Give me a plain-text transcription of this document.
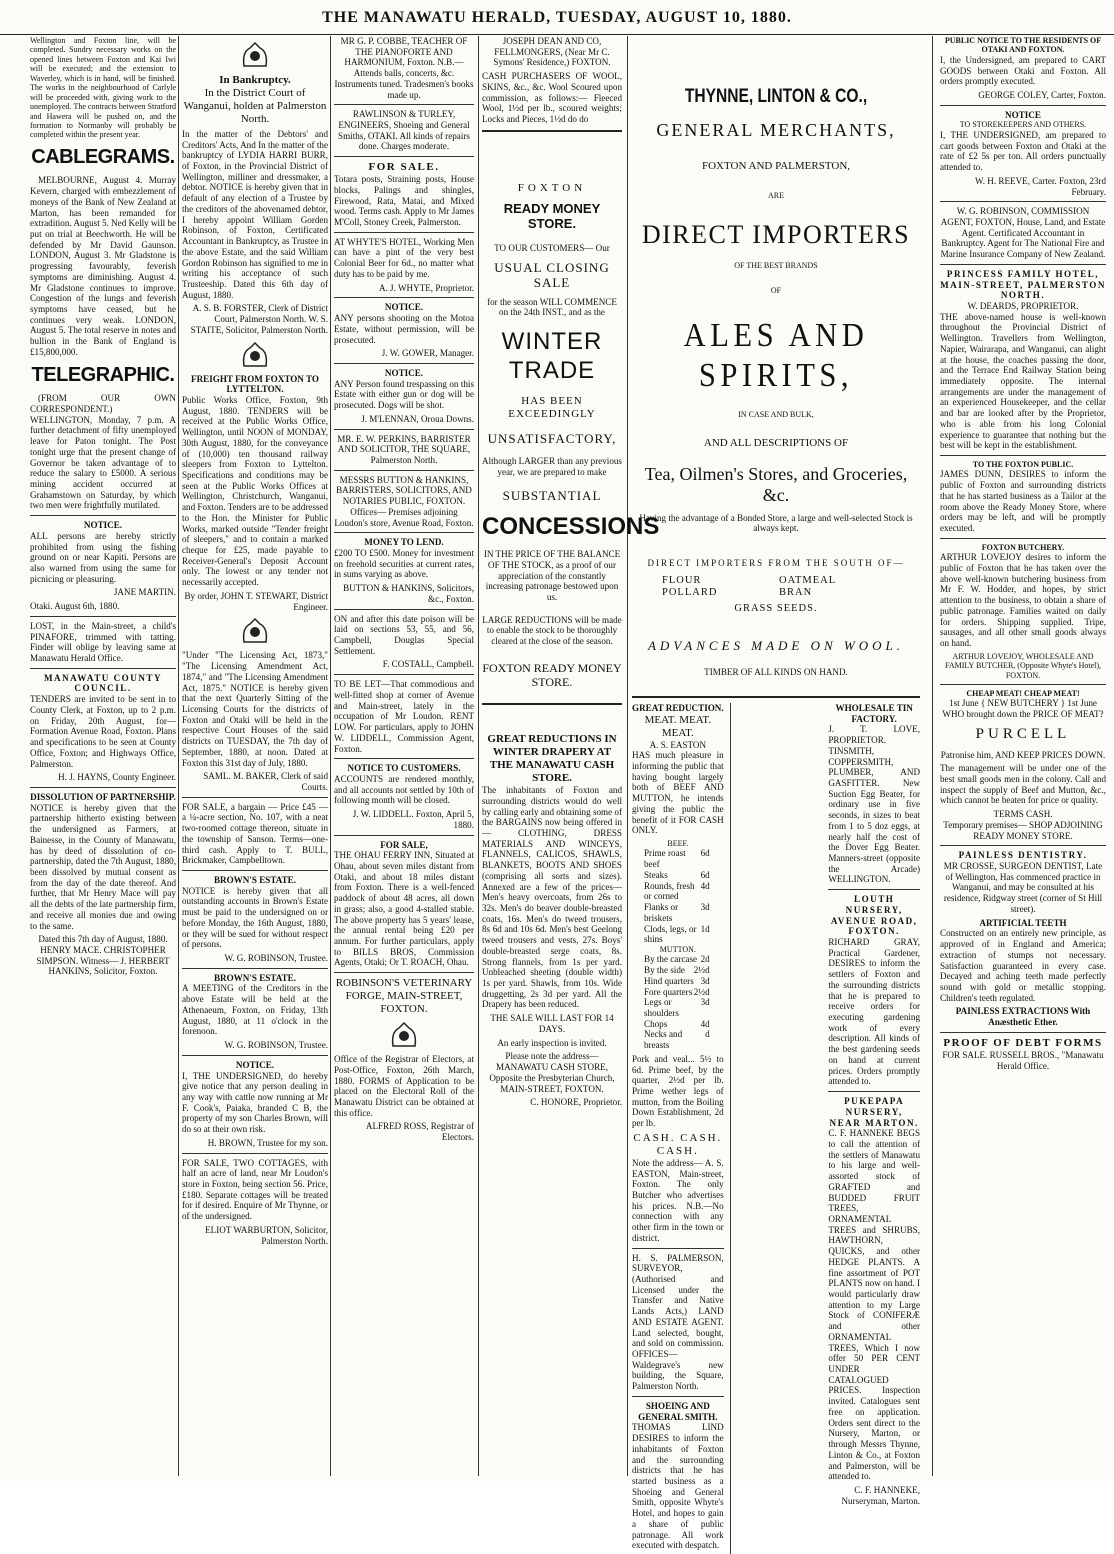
THE MANAWATU HERALD, TUESDAY, AUGUST 10, 1880.

Wellington and Foxton line, will be completed. Sundry necessary works on the opened lines between Foxton and Kai Iwi will be executed; and the extension to Waverley, which is in hand, will be finished. The works in the neighbourhood of Carlyle will be proceeded with, giving work to the unemployed. The contracts between Stratford and Hawera will be pushed on, and the formation to Normanby will probably be completed within the present year.

CABLEGRAMS.

MELBOURNE, August 4. Murray Kevern, charged with embezzlement of moneys of the Bank of New Zealand at Marton, has been remanded for extradition. August 5. Ned Kelly will be put on trial at Beechworth. He will be defended by Mr David Gaunson. LONDON, August 3. Mr Gladstone is progressing favourably, feverish symptoms are diminishing. August 4. Mr Gladstone continues to improve. Congestion of the lungs and feverish symptoms have ceased, but he continues very weak. LONDON, August 5. The total reserve in notes and bullion in the Bank of England is £15,800,000.

TELEGRAPHIC.

(FROM OUR OWN CORRESPONDENT.) WELLINGTON, Monday, 7 p.m. A further detachment of fifty unemployed leave for Paton tonight. The Post tonight urge that the present change of Governor be taken advantage of to reduce the salary to £5000. A serious mining accident occurred at Grahamstown on Saturday, by which two men were frightfully mutilated.

NOTICE.

ALL persons are hereby strictly prohibited from using the fishing ground on or near Kapiti. Persons are also warned from using the same for picnicing or pleasuring.

JANE MARTIN.

Otaki. August 6th, 1880.

LOST, in the Main-street, a child's PINAFORE, trimmed with tatting. Finder will oblige by leaving same at Manawatu Herald Office.

MANAWATU COUNTY COUNCIL.

TENDERS are invited to be sent in to County Clerk, at Foxton, up to 2 p.m. on Friday, 20th August, for— Formation Avenue Road, Foxton. Plans and specifications to be seen at County Office, Foxton; and Highways Office, Palmerston.

H. J. HAYNS, County Engineer.

DISSOLUTION OF PARTNERSHIP.

NOTICE is hereby given that the partnership hitherto existing between the undersigned as Farmers, at Bainesse, in the County of Manawatu, has by deed of dissolution of co-partnership, dated the 7th August, 1880, been dissolved by mutual consent as from the day of the date thereof. And further, that Mr Henry Mace will pay all the debts of the late partnership firm, and receive all monies due and owing to the same.

Dated this 7th day of August, 1880. HENRY MACE. CHRISTOPHER SIMPSON. Witness— J. HERBERT HANKINS, Solicitor, Foxton.

In Bankruptcy.

In the District Court of Wanganui, holden at Palmerston North.

In the matter of the Debtors' and Creditors' Acts, And In the matter of the bankruptcy of LYDIA HARRI BURR, of Foxton, in the Provincial District of Wellington, milliner and dressmaker, a debtor. NOTICE is hereby given that in default of any election of a Trustee by the creditors of the abovenamed debtor, I hereby appoint William Gorden Robinson, of Foxton, Certificated Accountant in Bankruptcy, as Trustee in the above Estate, and the said William Gordon Robinson has signified to me in writing his acceptance of such Trusteeship. Dated this 6th day of August, 1880.

A. S. B. FORSTER, Clerk of District Court, Palmerston North. W. S. STAITE, Solicitor, Palmerston North.

FREIGHT FROM FOXTON TO LYTTELTON.

Public Works Office, Foxton, 9th August, 1880. TENDERS will be received at the Public Works Office, Wellington, until NOON of MONDAY, 30th August, 1880, for the conveyance of (10,000) ten thousand railway sleepers from Foxton to Lyttelton. Specifications and conditions may be seen at the Public Works Offices at Wellington, Christchurch, Wanganui, and Foxton. Tenders are to be addressed to the Hon. the Minister for Public Works, marked outside "Tender freight of sleepers," and to contain a marked cheque for £25, made payable to Receiver-General's Deposit Account only. The lowest or any tender not necessarily accepted.

By order, JOHN T. STEWART, District Engineer.

"Under "The Licensing Act, 1873," "The Licensing Amendment Act, 1874," and "The Licensing Amendment Act, 1875." NOTICE is hereby given that the next Quarterly Sitting of the Licensing Courts for the districts of Foxton and Otaki will be held in the respective Court Houses of the said districts on TUESDAY, the 7th day of September, 1880, at noon. Dated at Foxton this 31st day of July, 1880.

SAML. M. BAKER, Clerk of said Courts.

FOR SALE, a bargain — Price £45 — a ¼-acre section, No. 107, with a neat two-roomed cottage thereon, situate in the township of Sanson. Terms—one-third cash. Apply to T. BULL, Brickmaker, Campbelltown.

BROWN'S ESTATE.

NOTICE is hereby given that all outstanding accounts in Brown's Estate must be paid to the undersigned on or before Monday, the 16th August, 1880, or they will be sued for without respect of persons.

W. G. ROBINSON, Trustee.

BROWN'S ESTATE.

A MEETING of the Creditors in the above Estate will be held at the Athenaeum, Foxton, on Friday, 13th August, 1880, at 11 o'clock in the forenoon.

W. G. ROBINSON, Trustee.

NOTICE.

I, THE UNDERSIGNED, do hereby give notice that any person dealing in any way with cattle now running at Mr F. Cook's, Paiaka, branded C B, the property of my son Charles Brown, will do so at their own risk.

H. BROWN, Trustee for my son.

FOR SALE, TWO COTTAGES, with half an acre of land, near Mr Loudon's store in Foxton, being section 56. Price, £180. Separate cottages will be treated for if desired. Enquire of Mr Thynne, or of the undersigned.

ELIOT WARBURTON, Solicitor, Palmerston North.

MR G. P. COBBE, TEACHER OF THE PIANOFORTE AND HARMONIUM, Foxton. N.B.—Attends balls, concerts, &c. Instruments tuned. Tradesmen's books made up.

RAWLINSON & TURLEY, ENGINEERS, Shoeing and General Smiths, OTAKI. All kinds of repairs done. Charges moderate.

FOR SALE.

Totara posts, Straining posts, House blocks, Palings and shingles, Firewood, Rata, Matai, and Mixed wood. Terms cash. Apply to Mr James M'Coll, Stoney Creek, Palmerston.

AT WHYTE'S HOTEL, Working Men can have a pint of the very best Colonial Beer for 6d., no matter what duty has to be paid by me.

A. J. WHYTE, Proprietor.

NOTICE.

ANY persons shooting on the Motoa Estate, without permission, will be prosecuted.

J. W. GOWER, Manager.

NOTICE.

ANY Person found trespassing on this Estate with either gun or dog will be prosecuted. Dogs will be shot.

J. M'LENNAN, Oroua Downs.

MR. E. W. PERKINS, BARRISTER AND SOLICITOR, THE SQUARE, Palmerston North.

MESSRS BUTTON & HANKINS, BARRISTERS, SOLICITORS, AND NOTARIES PUBLIC, FOXTON. Offices— Premises adjoining Loudon's store, Avenue Road, Foxton.

MONEY TO LEND.

£200 TO £500. Money for investment on freehold securities at current rates, in sums varying as above.

BUTTON & HANKINS, Solicitors, &c., Foxton.

ON and after this date poison will be laid on sections 53, 55, and 56, Campbell, Douglas Special Settlement.

F. COSTALL, Campbell.

TO BE LET—That commodious and well-fitted shop at corner of Avenue and Main-street, lately in the occupation of Mr Loudon. RENT LOW. For particulars, apply to JOHN W. LIDDELL, Commission Agent, Foxton.

NOTICE TO CUSTOMERS.

ACCOUNTS are rendered monthly, and all accounts not settled by 10th of following month will be closed.

J. W. LIDDELL. Foxton, April 5, 1880.

FOR SALE,

THE OHAU FERRY INN, Situated at Ohau, about seven miles distant from Otaki, and about 18 miles distant from Foxton. There is a well-fenced paddock of about 48 acres, all down in grass; also, a good 4-stalled stable. The above property has 5 years' lease, the annual rental being £20 per annum. For further particulars, apply to BILLS BROS, Commission Agents, Otaki; Or T. ROACH, Ohau.

ROBINSON'S VETERINARY FORGE, MAIN-STREET, FOXTON.

Office of the Registrar of Electors, at Post-Office, Foxton, 26th March, 1880. FORMS of Application to be placed on the Electoral Roll of the Manawatu District can be obtained at this office.

ALFRED ROSS, Registrar of Electors.

JOSEPH DEAN AND CO, FELLMONGERS, (Near Mr C. Symons' Residence,) FOXTON.

CASH PURCHASERS OF WOOL, SKINS, &c., &c. Wool Scoured upon commission, as follows:— Fleeced Wool, 1½d per lb., scoured weights; Locks and Pieces, 1½d do do

FOXTON
READY MONEY STORE.

TO OUR CUSTOMERS— Our

USUAL CLOSING SALE

for the season WILL COMMENCE on the 24th INST., and as the

WINTER TRADE
HAS BEEN EXCEEDINGLY
UNSATISFACTORY,

Although LARGER than any previous year, we are prepared to make

SUBSTANTIAL
CONCESSIONS

IN THE PRICE OF THE BALANCE OF THE STOCK, as a proof of our appreciation of the constantly increasing patronage bestowed upon us.

LARGE REDUCTIONS will be made to enable the stock to be thoroughly cleared at the close of the season.

FOXTON READY MONEY STORE.
GREAT REDUCTIONS IN WINTER DRAPERY AT THE MANAWATU CASH STORE.

The inhabitants of Foxton and surrounding districts would do well by calling early and obtaining some of the BARGAINS now being offered in— CLOTHING, DRESS MATERIALS AND WINCEYS, FLANNELS, CALICOS, SHAWLS, BLANKETS, BOOTS AND SHOES (comprising all sorts and sizes). Annexed are a few of the prices— Men's heavy overcoats, from 26s to 32s. Men's do beaver double-breasted coats, 16s. Men's do tweed trousers, 8s 6d and 10s 6d. Men's best Geelong tweed trousers and vests, 27s. Boys' double-breasted serge coats, 8s. Strong flannels, from 1s per yard. Unbleached sheeting (double width) 1s per yard. Shawls, from 10s. Wide druggetting, 2s 3d per yard. All the Drapery has been reduced.

THE SALE WILL LAST FOR 14 DAYS.

An early inspection is invited.

Please note the address— MANAWATU CASH STORE, Opposite the Presbyterian Church, MAIN-STREET, FOXTON.

C. HONORE, Proprietor.

THYNNE, LINTON & CO.,
GENERAL MERCHANTS,
FOXTON AND PALMERSTON,
ARE
DIRECT IMPORTERS
OF THE BEST BRANDS
OF
ALES AND SPIRITS,
IN CASE AND BULK,
AND ALL DESCRIPTIONS OF
Tea, Oilmen's Stores, and Groceries, &c.

Having the advantage of a Bonded Store, a large and well-selected Stock is always kept.

DIRECT IMPORTERS FROM THE SOUTH OF—
FLOUR
POLLARD
OATMEAL
BRAN
GRASS SEEDS.
ADVANCES MADE ON WOOL.
TIMBER OF ALL KINDS ON HAND.
GREAT REDUCTION.
MEAT. MEAT. MEAT.
A. S. EASTON

HAS much pleasure in informing the public that having bought largely both of BEEF AND MUTTON, he intends giving the public the benefit of it FOR CASH ONLY.

BEEF.
Prime roast beef
6d
Steaks	6d
Rounds, fresh or corned
4d
Flanks or briskets
3d
Clods, legs, or shins
1d
MUTTON.
By the carcase 2d
By the side 2½d
Hind quarters 3d
Fore quarters 2½d
Legs or shoulders
3d
Chops	4d
Necks and breasts
d

Pork and veal... 5½ to 6d. Prime beef, by the quarter, 2½d per lb. Prime wether legs of mutton, from the Boiling Down Establishment, 2d per lb.

CASH. CASH. CASH.

Note the address— A. S. EASTON, Main-street, Foxton. The only Butcher who advertises his prices. N.B.—No connection with any other firm in the town or district.

H. S. PALMERSON, SURVEYOR, (Authorised and Licensed under the Transfer and Native Lands Acts,) LAND AND ESTATE AGENT. Land selected, bought, and sold on commission. OFFICES—Waldegrave's new building, the Square, Palmerston North.

SHOEING AND GENERAL SMITH.

THOMAS LIND DESIRES to inform the inhabitants of Foxton and the surrounding districts that he has started business as a Shoeing and General Smith, opposite Whyte's Hotel, and hopes to gain a share of public patronage. All work executed with despatch.

WHOLESALE TIN FACTORY.

J. T. LOVE, PROPRIETOR. TINSMITH, COPPERSMITH, PLUMBER, AND GASFITTER. New Suction Egg Beater, for ordinary use in five seconds, in sizes to beat from 1 to 5 doz eggs, at nearly half the cost of the Dover Egg Beater. Manners-street (opposite the Arcade) WELLINGTON.

LOUTH NURSERY, AVENUE ROAD, FOXTON.

RICHARD GRAY, Practical Gardener, DESIRES to inform the settlers of Foxton and the surrounding districts that he is prepared to receive orders for executing gardening work of every description. All kinds of the best gardening seeds on hand at current prices. Orders promptly attended to.

PUKEPAPA NURSERY, NEAR MARTON.

C. F. HANNEKE BEGS to call the attention of the settlers of Manawatu to his large and well-assorted stock of GRAFTED and BUDDED FRUIT TREES, ORNAMENTAL TREES and SHRUBS, HAWTHORN, QUICKS, and other HEDGE PLANTS. A fine assortment of POT PLANTS now on hand. I would particularly draw attention to my Large Stock of CONIFERÆ and other ORNAMENTAL TREES, Which I now offer 50 PER CENT UNDER CATALOGUED PRICES. Inspection invited. Catalogues sent free on application. Orders sent direct to the Nursery, Marton, or through Messrs Thynne, Linton & Co., at Foxton and Palmerston, will be attended to.

C. F. HANNEKE, Nurseryman, Marton.

PUBLIC NOTICE TO THE RESIDENTS OF OTAKI AND FOXTON.

I, the Undersigned, am prepared to CART GOODS between Otaki and Foxton. All orders promptly executed.

GEORGE COLEY, Carter, Foxton.

NOTICE
TO STOREKEEPERS AND OTHERS.

I, THE UNDERSIGNED, am prepared to cart goods between Foxton and Otaki at the rate of £2 5s per ton. All orders punctually attended to.

W. H. REEVE, Carter. Foxton, 23rd February.

W. G. ROBINSON, COMMISSION AGENT, FOXTON, House, Land, and Estate Agent. Certificated Accountant in Bankruptcy. Agent for The National Fire and Marine Insurance Company of New Zealand.

PRINCESS FAMILY HOTEL, MAIN-STREET, PALMERSTON NORTH.
W. DEARDS, PROPRIETOR.

THE above-named house is well-known throughout the Provincial District of Wellington. Travellers from Wellington, Napier, Wairarapa, and Wanganui, can alight at the house, the coaches passing the door, and the Terrace End Railway Station being immediately opposite. The internal arrangements are under the management of an experienced Housekeeper, and the cellar and bar are looked after by the Proprietor, who is able from his long Colonial experience to guarantee that nothing but the best will be kept in the establishment.

TO THE FOXTON PUBLIC.

JAMES DUNN, DESIRES to inform the public of Foxton and surrounding districts that he has started business as a Tailor at the room above the Ready Money Store, where orders may be left, and will be promptly executed.

FOXTON BUTCHERY.

ARTHUR LOVEJOY desires to inform the public of Foxton that he has taken over the above well-known butchering business from Mr F. W. Hodder, and hopes, by strict attention to the business, to obtain a share of public patronage. Families waited on daily for orders. Shipping supplied. Tripe, sausages, and all other small goods always on hand.

ARTHUR LOVEJOY, WHOLESALE AND FAMILY BUTCHER, (Opposite Whyte's Hotel), FOXTON.

CHEAP MEAT! CHEAP MEAT!
1st June { NEW BUTCHERY } 1st June

WHO brought down the PRICE OF MEAT?

PURCELL

Patronise him, AND KEEP PRICES DOWN.

The management will be under one of the best small goods men in the colony. Call and inspect the supply of Beef and Mutton, &c., which cannot be beaten for price or quality.

TERMS CASH.

Temporary premises— SHOP ADJOINING READY MONEY STORE.

PAINLESS DENTISTRY.

MR CROSSE, SURGEON DENTIST, Late of Wellington, Has commenced practice in Wanganui, and may be consulted at his residence, Ridgway street (corner of St Hill street).

ARTIFICIAL TEETH

Constructed on an entirely new principle, as approved of in England and America; extraction of stumps not necessary. Satisfaction guaranteed in every case. Decayed and aching teeth made perfectly sound with gold or metallic stopping. Children's teeth regulated.

PAINLESS EXTRACTIONS With Anæsthetic Ether.
PROOF OF DEBT FORMS

FOR SALE. RUSSELL BROS., "Manawatu Herald Office.
